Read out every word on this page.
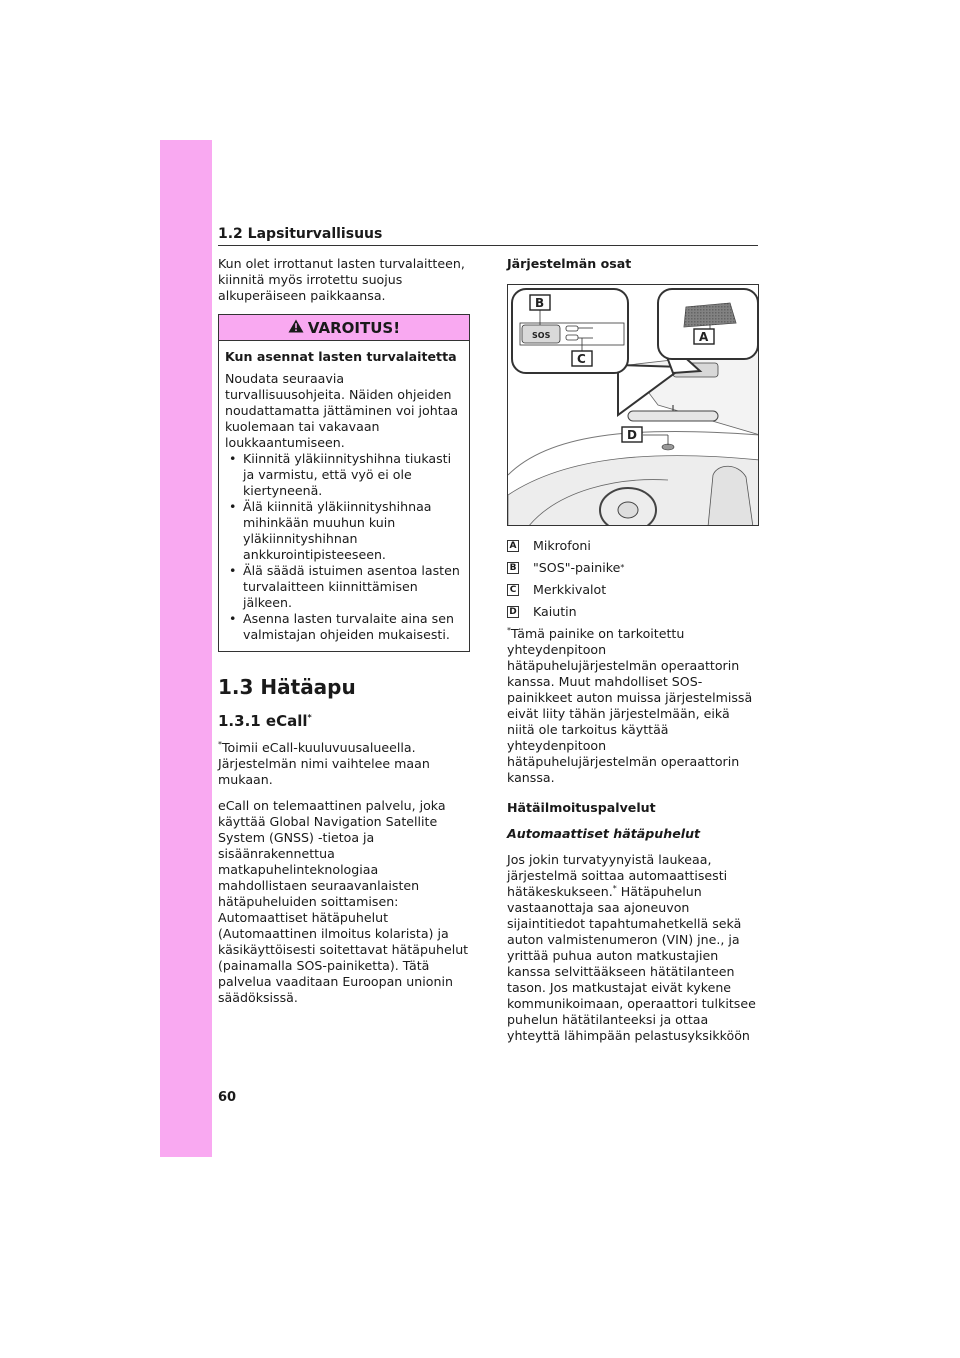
1.2 Lapsiturvallisuus

Kun olet irrottanut lasten turvalaitteen, kiinnitä myös irrotettu suojus alkuperäiseen paikkaansa.

VAROITUS!

Kun asennat lasten turvalaitetta

Noudata seuraavia turvallisuusohjeita. Näiden ohjeiden noudattamatta jättäminen voi johtaa kuolemaan tai vakavaan loukkaantumiseen.

• Kiinnitä yläkiinnityshihna tiukasti ja varmistu, että vyö ei ole kiertyneenä.
• Älä kiinnitä yläkiinnityshihnaa mihinkään muuhun kuin yläkiinnityshihnan ankkurointipisteeseen.
• Älä säädä istuimen asentoa lasten turvalaitteen kiinnittämisen jälkeen.
• Asenna lasten turvalaite aina sen valmistajan ohjeiden mukaisesti.
1.3 Hätäapu
1.3.1 eCall*

*Toimii eCall-kuuluvuusalueella. Järjestelmän nimi vaihtelee maan mukaan.

eCall on telemaattinen palvelu, joka käyttää Global Navigation Satellite System (GNSS) -tietoa ja sisäänrakennettua matkapuhelinteknologiaa mahdollistaen seuraavanlaisten hätäpuheluiden soittamisen: Automaattiset hätäpuhelut (Automaattinen ilmoitus kolarista) ja käsikäyttöisesti soitettavat hätäpuhelut (painamalla SOS-painiketta). Tätä palvelua vaaditaan Euroopan unionin säädöksissä.

Järjestelmän osat

SOS
B
C
A
D
A Mikrofoni
B "SOS"-painike *
C Merkkivalot
D Kaiutin

*Tämä painike on tarkoitettu yhteydenpitoon hätäpuhelujärjestelmän operaattorin kanssa. Muut mahdolliset SOS-painikkeet auton muissa järjestelmissä eivät liity tähän järjestelmään, eikä niitä ole tarkoitus käyttää yhteydenpitoon hätäpuhelujärjestelmän operaattorin kanssa.

Hätäilmoituspalvelut

Automaattiset hätäpuhelut

Jos jokin turvatyynyistä laukeaa, järjestelmä soittaa automaattisesti hätäkeskukseen.* Hätäpuhelun vastaanottaja saa ajoneuvon sijaintitiedot tapahtumahetkellä sekä auton valmistenumeron (VIN) jne., ja yrittää puhua auton matkustajien kanssa selvittääkseen hätätilanteen tason. Jos matkustajat eivät kykene kommunikoimaan, operaattori tulkitsee puhelun hätätilanteeksi ja ottaa yhteyttä lähimpään pelastusyksikköön

60
